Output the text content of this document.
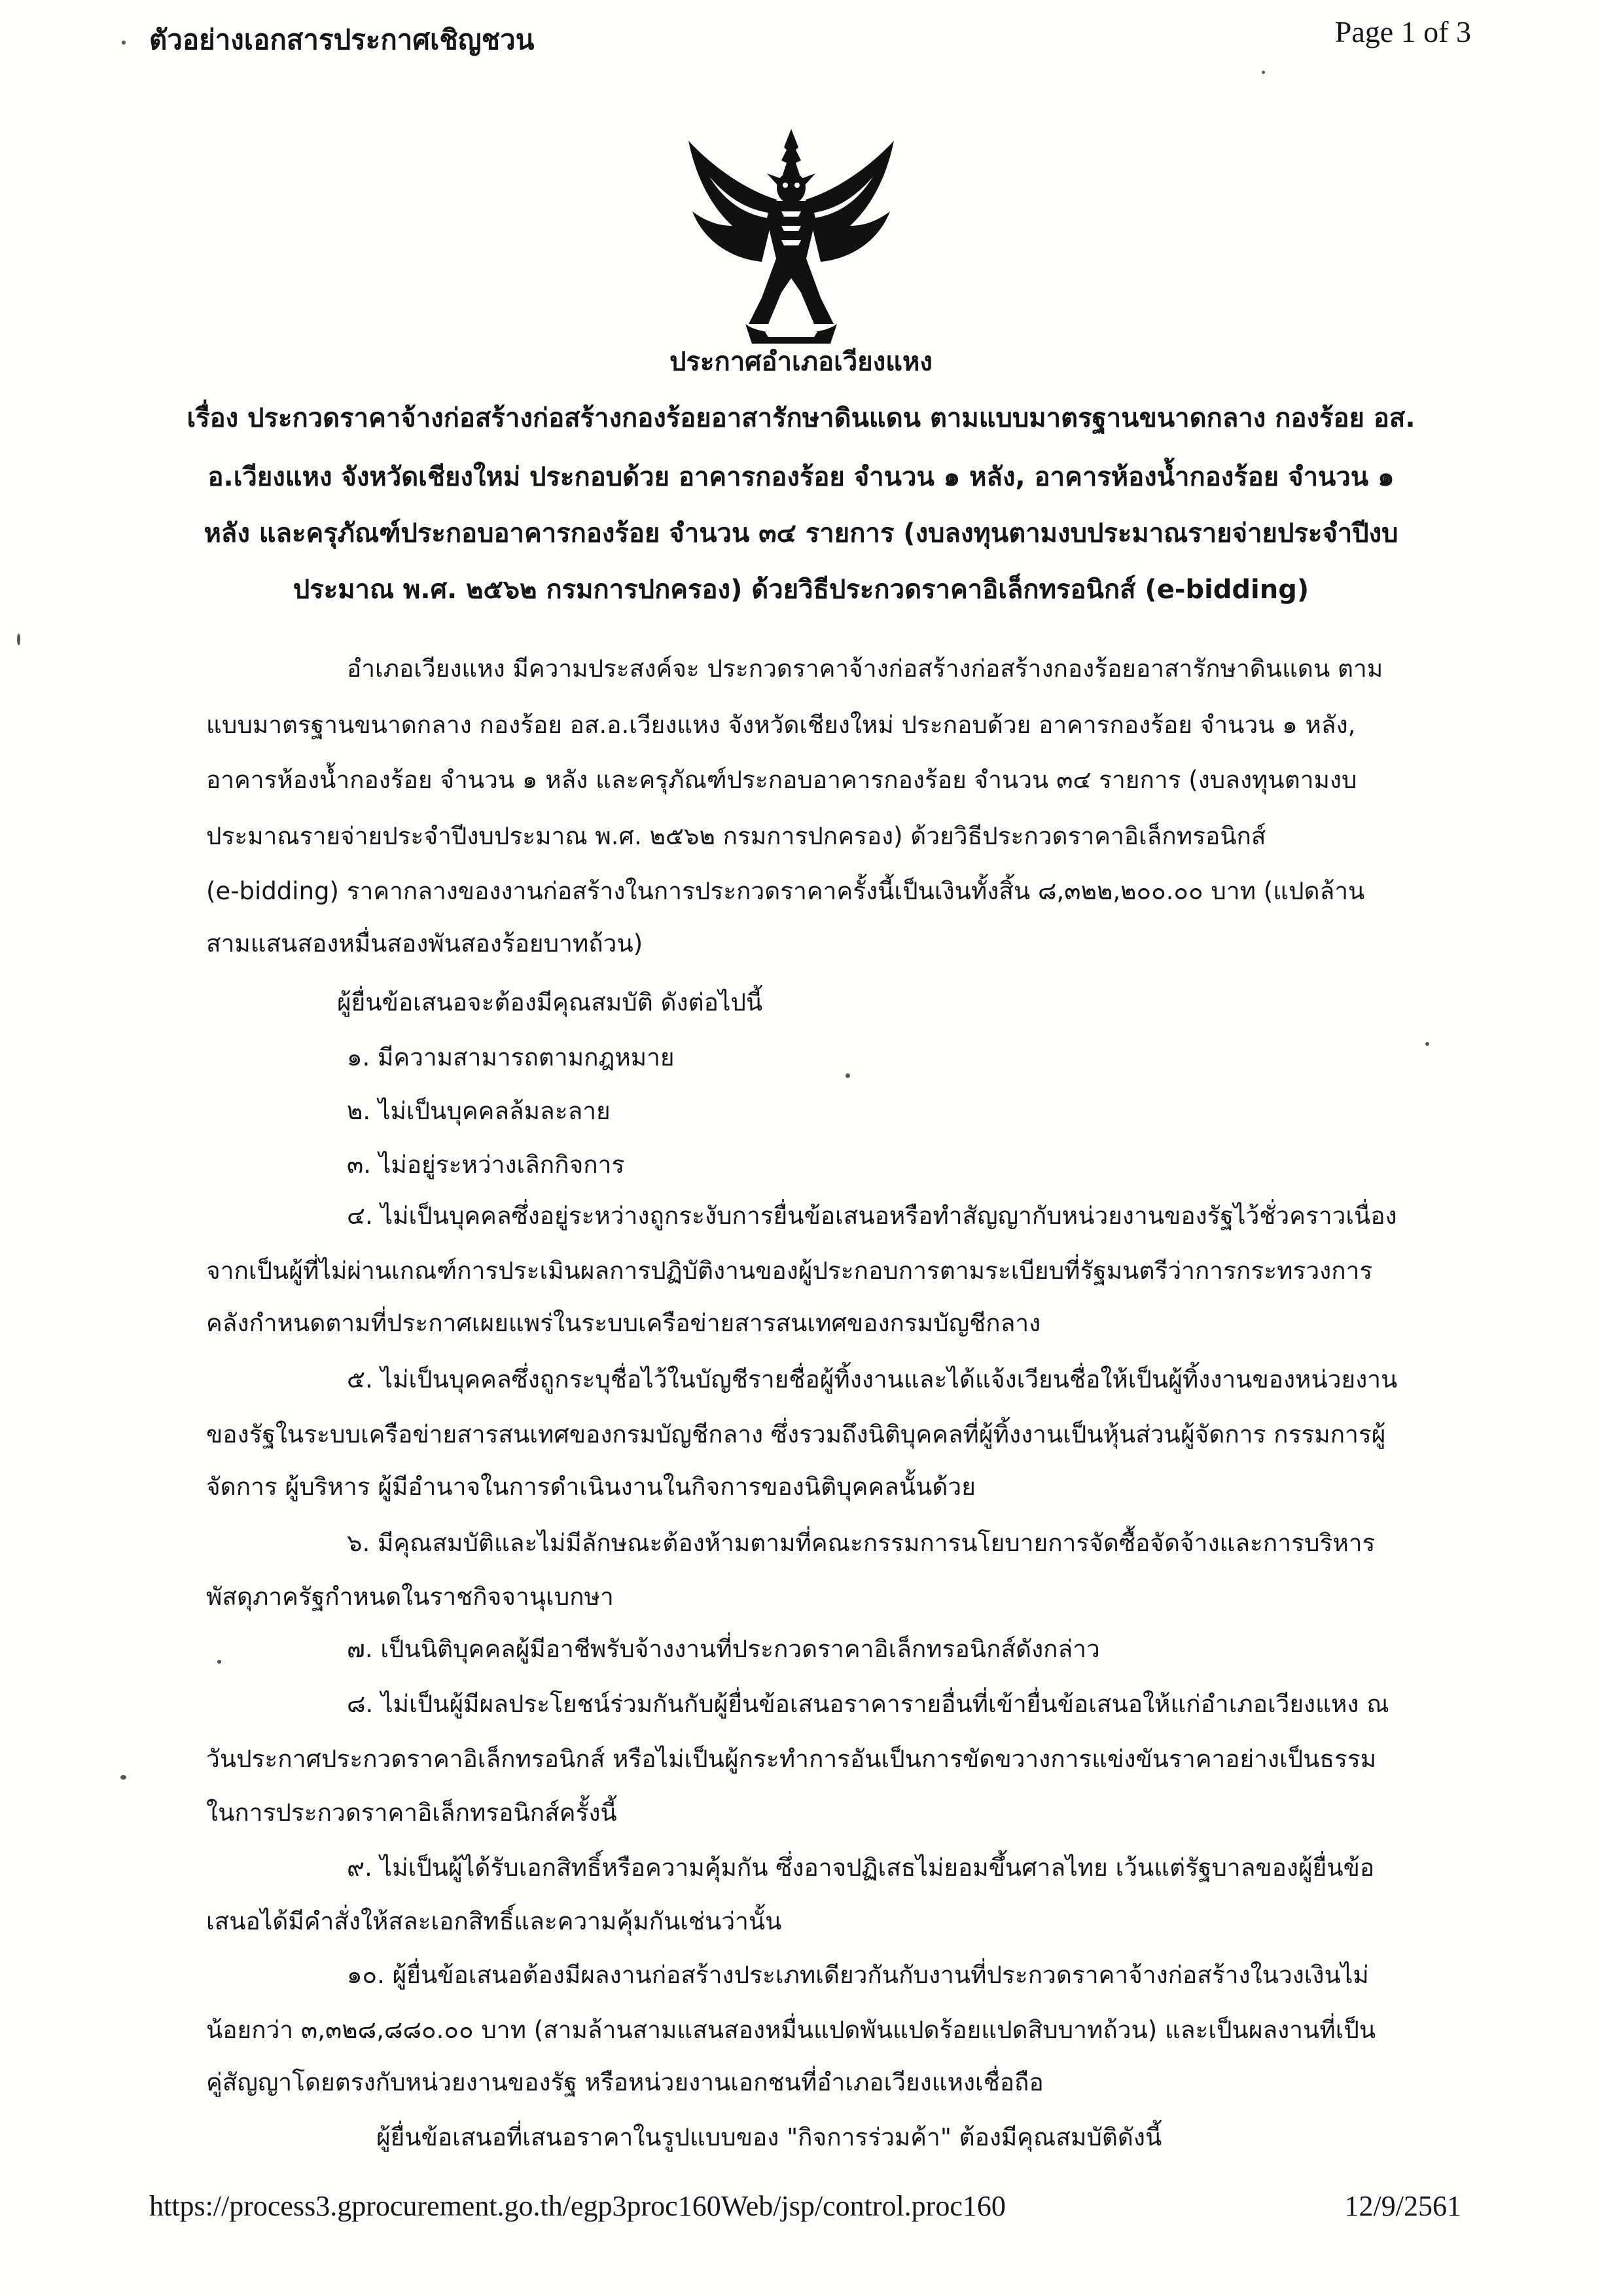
ตัวอย่างเอกสารประกาศเชิญชวน	Page 1 of 3
ประกาศอำเภอเวียงแหง
เรื่อง ประกวดราคาจ้างก่อสร้างก่อสร้างกองร้อยอาสารักษาดินแดน ตามแบบมาตรฐานขนาดกลาง กองร้อย อส.
อ.เวียงแหง จังหวัดเชียงใหม่ ประกอบด้วย อาคารกองร้อย จำนวน ๑ หลัง, อาคารห้องน้ำกองร้อย จำนวน ๑
หลัง และครุภัณฑ์ประกอบอาคารกองร้อย จำนวน ๓๔ รายการ (งบลงทุนตามงบประมาณรายจ่ายประจำปีงบ
ประมาณ พ.ศ. ๒๕๖๒ กรมการปกครอง) ด้วยวิธีประกวดราคาอิเล็กทรอนิกส์ (e-bidding)
อำเภอเวียงแหง มีความประสงค์จะ ประกวดราคาจ้างก่อสร้างก่อสร้างกองร้อยอาสารักษาดินแดน ตาม
แบบมาตรฐานขนาดกลาง กองร้อย อส.อ.เวียงแหง จังหวัดเชียงใหม่ ประกอบด้วย อาคารกองร้อย จำนวน ๑ หลัง,
อาคารห้องน้ำกองร้อย จำนวน ๑ หลัง และครุภัณฑ์ประกอบอาคารกองร้อย จำนวน ๓๔ รายการ (งบลงทุนตามงบ
ประมาณรายจ่ายประจำปีงบประมาณ พ.ศ. ๒๕๖๒ กรมการปกครอง) ด้วยวิธีประกวดราคาอิเล็กทรอนิกส์
(e-bidding) ราคากลางของงานก่อสร้างในการประกวดราคาครั้งนี้เป็นเงินทั้งสิ้น ๘,๓๒๒,๒๐๐.๐๐ บาท (แปดล้าน
สามแสนสองหมื่นสองพันสองร้อยบาทถ้วน)
ผู้ยื่นข้อเสนอจะต้องมีคุณสมบัติ ดังต่อไปนี้
๑. มีความสามารถตามกฎหมาย
๒. ไม่เป็นบุคคลล้มละลาย
๓. ไม่อยู่ระหว่างเลิกกิจการ
๔. ไม่เป็นบุคคลซึ่งอยู่ระหว่างถูกระงับการยื่นข้อเสนอหรือทำสัญญากับหน่วยงานของรัฐไว้ชั่วคราวเนื่อง
จากเป็นผู้ที่ไม่ผ่านเกณฑ์การประเมินผลการปฏิบัติงานของผู้ประกอบการตามระเบียบที่รัฐมนตรีว่าการกระทรวงการ
คลังกำหนดตามที่ประกาศเผยแพร่ในระบบเครือข่ายสารสนเทศของกรมบัญชีกลาง
๕. ไม่เป็นบุคคลซึ่งถูกระบุชื่อไว้ในบัญชีรายชื่อผู้ทิ้งงานและได้แจ้งเวียนชื่อให้เป็นผู้ทิ้งงานของหน่วยงาน
ของรัฐในระบบเครือข่ายสารสนเทศของกรมบัญชีกลาง ซึ่งรวมถึงนิติบุคคลที่ผู้ทิ้งงานเป็นหุ้นส่วนผู้จัดการ กรรมการผู้
จัดการ ผู้บริหาร ผู้มีอำนาจในการดำเนินงานในกิจการของนิติบุคคลนั้นด้วย
๖. มีคุณสมบัติและไม่มีลักษณะต้องห้ามตามที่คณะกรรมการนโยบายการจัดซื้อจัดจ้างและการบริหาร
พัสดุภาครัฐกำหนดในราชกิจจานุเบกษา
๗. เป็นนิติบุคคลผู้มีอาชีพรับจ้างงานที่ประกวดราคาอิเล็กทรอนิกส์ดังกล่าว
๘. ไม่เป็นผู้มีผลประโยชน์ร่วมกันกับผู้ยื่นข้อเสนอราคารายอื่นที่เข้ายื่นข้อเสนอให้แก่อำเภอเวียงแหง ณ
วันประกาศประกวดราคาอิเล็กทรอนิกส์ หรือไม่เป็นผู้กระทำการอันเป็นการขัดขวางการแข่งขันราคาอย่างเป็นธรรม
ในการประกวดราคาอิเล็กทรอนิกส์ครั้งนี้
๙. ไม่เป็นผู้ได้รับเอกสิทธิ์หรือความคุ้มกัน ซึ่งอาจปฏิเสธไม่ยอมขึ้นศาลไทย เว้นแต่รัฐบาลของผู้ยื่นข้อ
เสนอได้มีคำสั่งให้สละเอกสิทธิ์และความคุ้มกันเช่นว่านั้น
๑๐. ผู้ยื่นข้อเสนอต้องมีผลงานก่อสร้างประเภทเดียวกันกับงานที่ประกวดราคาจ้างก่อสร้างในวงเงินไม่
น้อยกว่า ๓,๓๒๘,๘๘๐.๐๐ บาท (สามล้านสามแสนสองหมื่นแปดพันแปดร้อยแปดสิบบาทถ้วน) และเป็นผลงานที่เป็น
คู่สัญญาโดยตรงกับหน่วยงานของรัฐ หรือหน่วยงานเอกชนที่อำเภอเวียงแหงเชื่อถือ
ผู้ยื่นข้อเสนอที่เสนอราคาในรูปแบบของ "กิจการร่วมค้า" ต้องมีคุณสมบัติดังนี้
https://process3.gprocurement.go.th/egp3proc160Web/jsp/control.proc160	12/9/2561
